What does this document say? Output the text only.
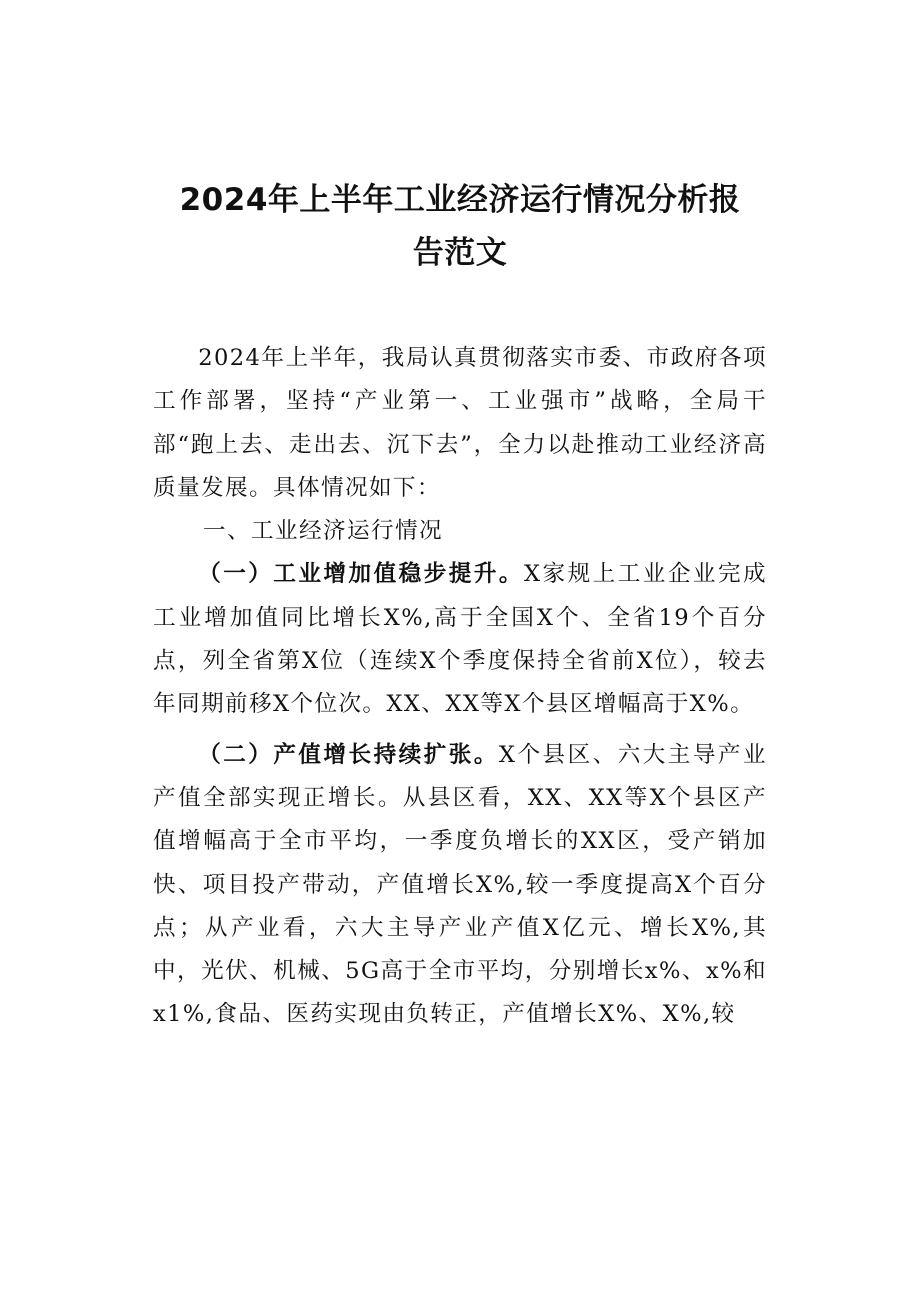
2024年上半年工业经济运行情况分析报
告范文

2024年上半年，我局认真贯彻落实市委、市政府各项工作部署，坚持“产业第一、工业强市”战略，全局干部“跑上去、走出去、沉下去”，全力以赴推动工业经济高质量发展。具体情况如下：

一、工业经济运行情况

（一）工业增加值稳步提升。X家规上工业企业完成工业增加值同比增长X%,高于全国X个、全省19个百分点，列全省第X位（连续X个季度保持全省前X位），较去年同期前移X个位次。XX、XX等X个县区增幅高于X%。

（二）产值增长持续扩张。X个县区、六大主导产业产值全部实现正增长。从县区看，XX、XX等X个县区产值增幅高于全市平均，一季度负增长的XX区，受产销加快、项目投产带动，产值增长X%,较一季度提高X个百分点；从产业看，六大主导产业产值X亿元、增长X%,其中，光伏、机械、5G高于全市平均，分别增长x%、x%和x1%,食品、医药实现由负转正，产值增长X%、X%,较
